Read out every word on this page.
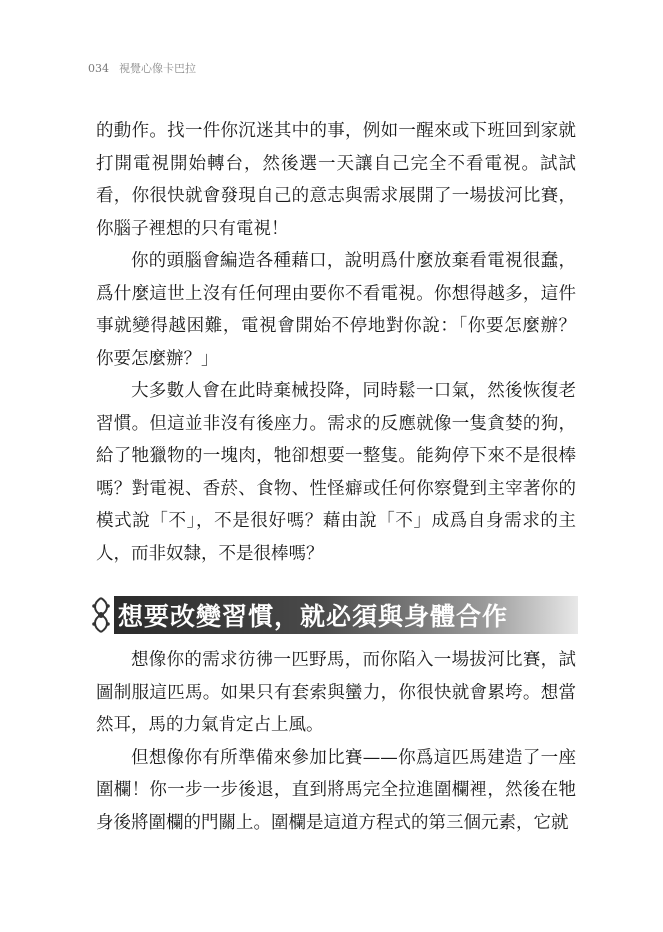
034 視覺心像卡巴拉

的動作。找一件你沉迷其中的事，例如一醒來或下班回到家就打開電視開始轉台，然後選一天讓自己完全不看電視。試試看，你很快就會發現自己的意志與需求展開了一場拔河比賽，你腦子裡想的只有電視！

你的頭腦會編造各種藉口，說明爲什麼放棄看電視很蠢，爲什麼這世上沒有任何理由要你不看電視。你想得越多，這件事就變得越困難，電視會開始不停地對你說：「你要怎麼辦？你要怎麼辦？」

大多數人會在此時棄械投降，同時鬆一口氣，然後恢復老習慣。但這並非沒有後座力。需求的反應就像一隻貪婪的狗，給了牠獵物的一塊肉，牠卻想要一整隻。能夠停下來不是很棒嗎？對電視、香菸、食物、性怪癖或任何你察覺到主宰著你的模式說「不」，不是很好嗎？藉由說「不」成爲自身需求的主人，而非奴隸，不是很棒嗎？

想要改變習慣，就必須與身體合作

想像你的需求彷彿一匹野馬，而你陷入一場拔河比賽，試圖制服這匹馬。如果只有套索與蠻力，你很快就會累垮。想當然耳，馬的力氣肯定占上風。

但想像你有所準備來參加比賽——你爲這匹馬建造了一座圍欄！你一步一步後退，直到將馬完全拉進圍欄裡，然後在牠身後將圍欄的門關上。圍欄是這道方程式的第三個元素，它就
